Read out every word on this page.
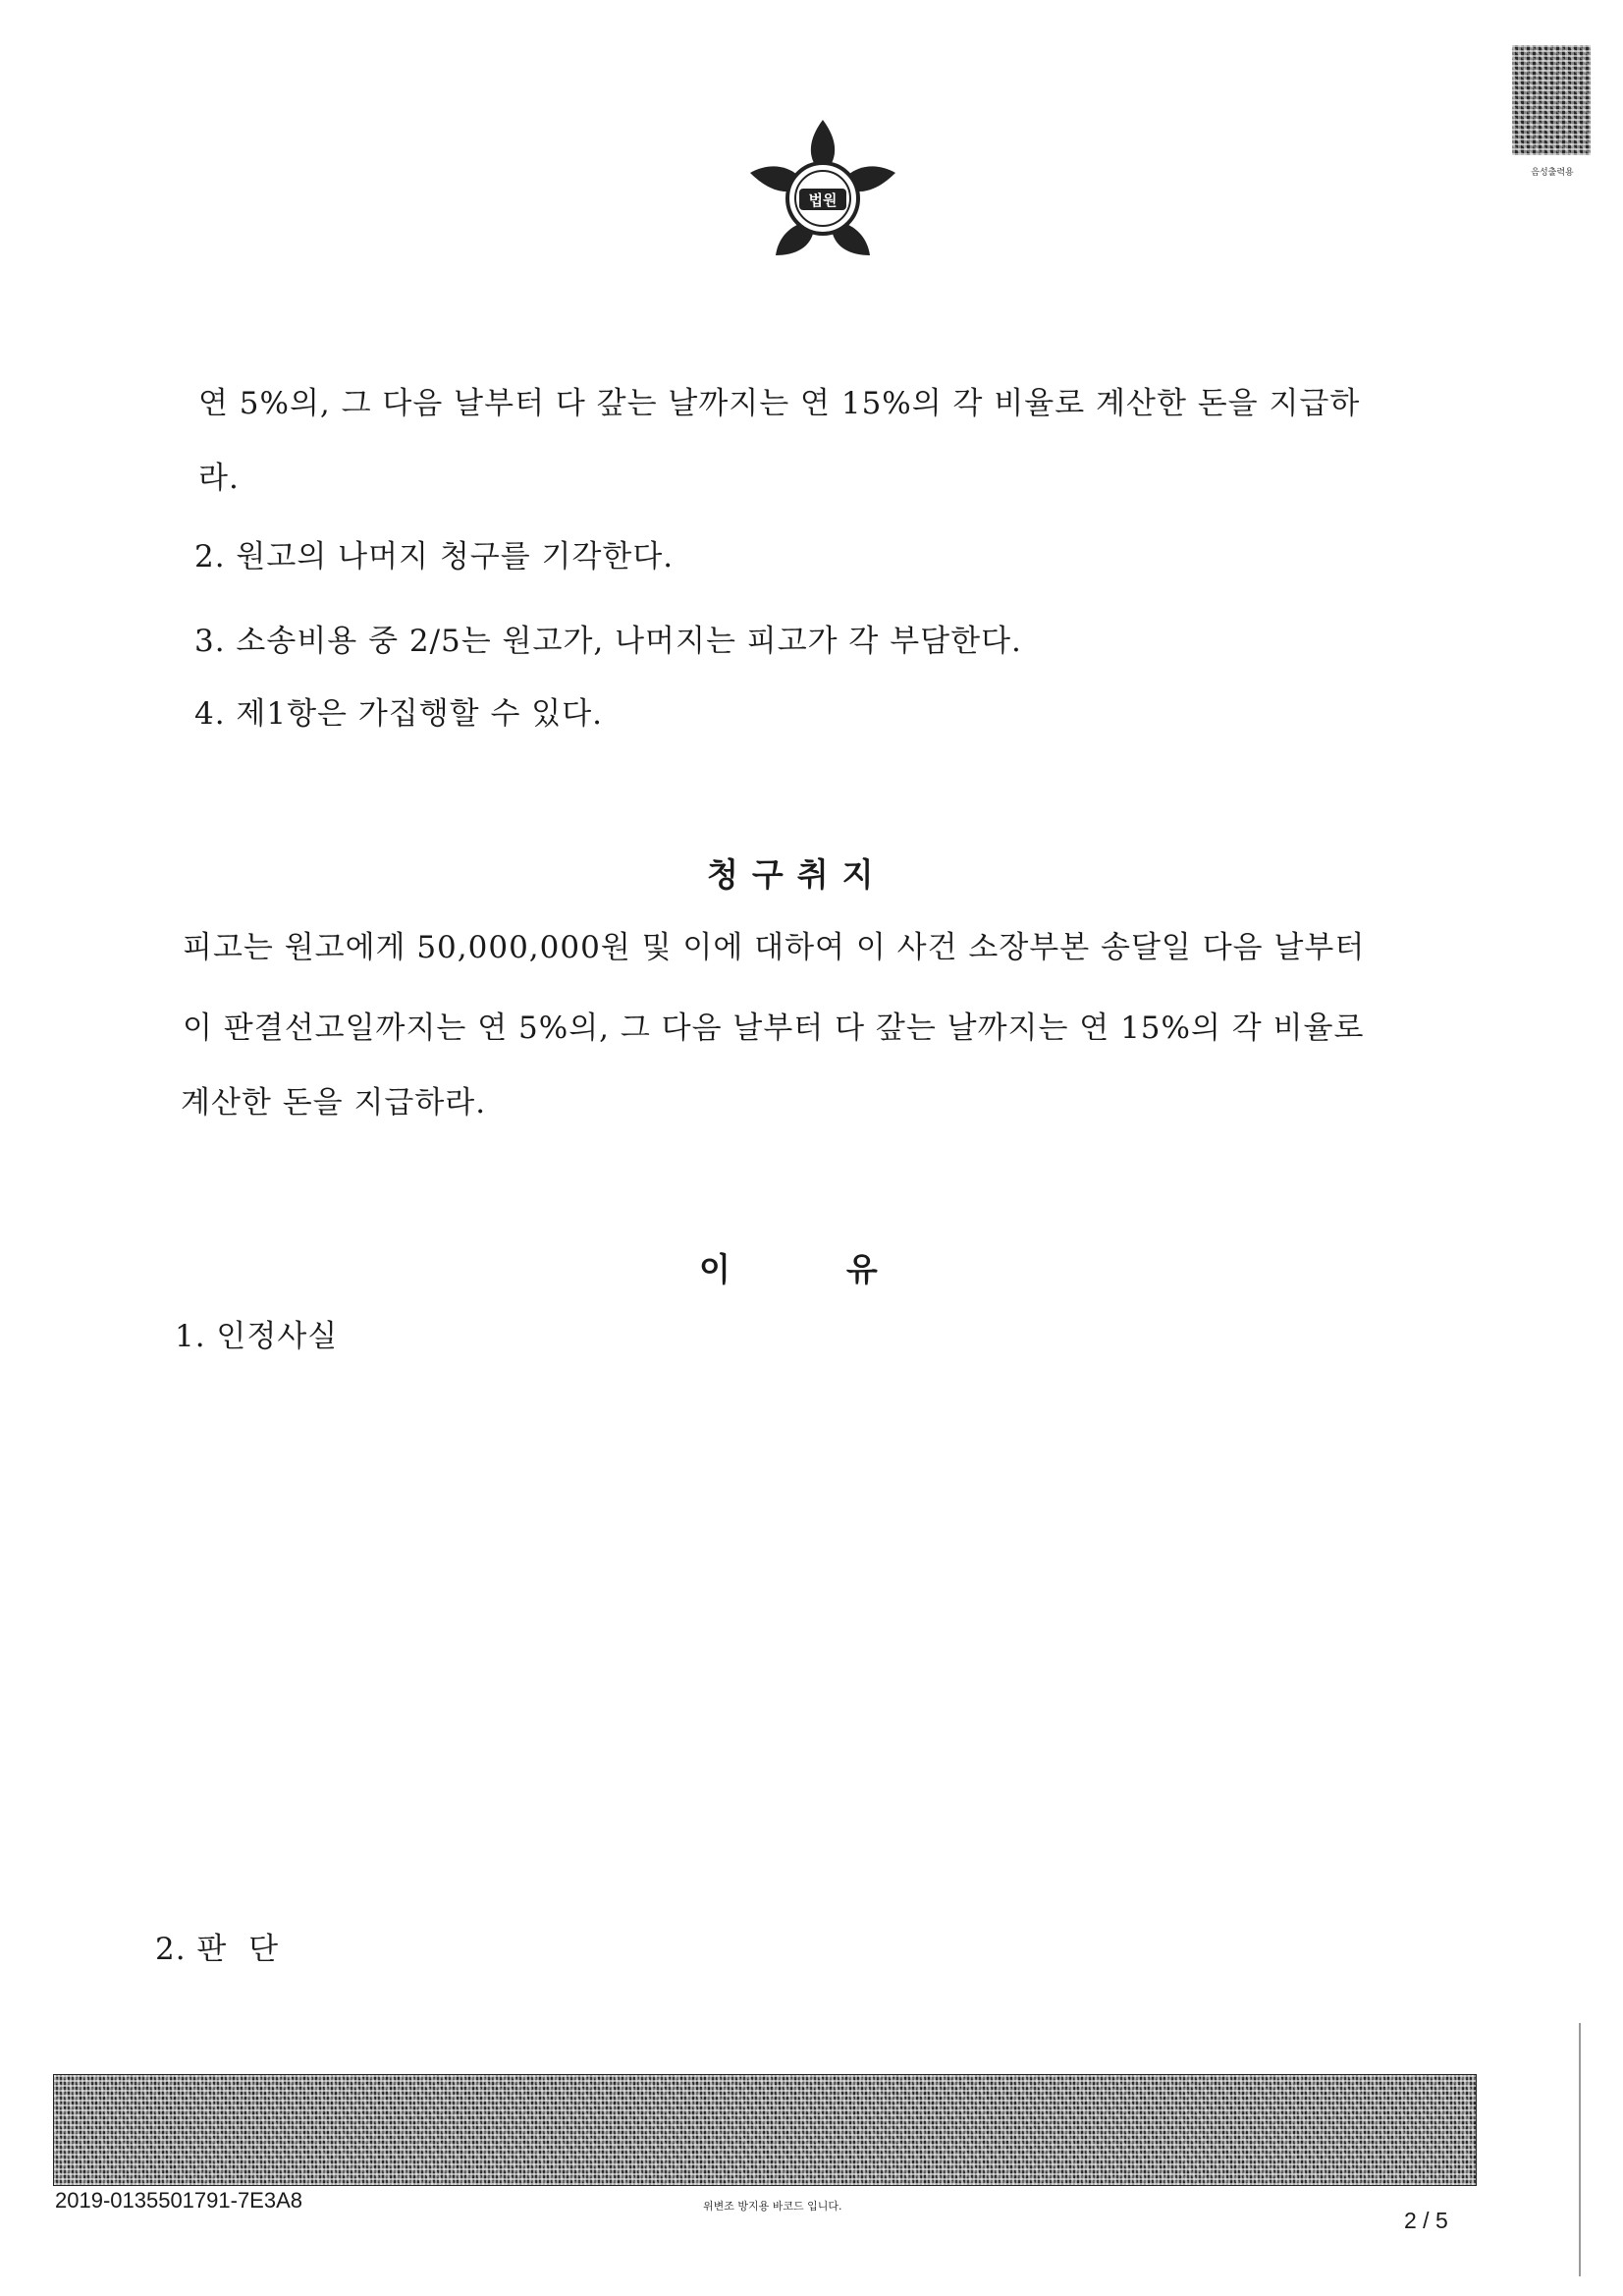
법원
음성출력용
연 5%의, 그 다음 날부터 다 갚는 날까지는 연 15%의 각 비율로 계산한 돈을 지급하
라.
2. 원고의 나머지 청구를 기각한다.
3. 소송비용 중 2/5는 원고가, 나머지는 피고가 각 부담한다.
4. 제1항은 가집행할 수 있다.
청구취지
피고는 원고에게 50,000,000원 및 이에 대하여 이 사건 소장부본 송달일 다음 날부터
이 판결선고일까지는 연 5%의, 그 다음 날부터 다 갚는 날까지는 연 15%의 각 비율로
계산한 돈을 지급하라.
이	유
1. 인정사실
2. 판  단
2019-0135501791-7E3A8	위변조 방지용 바코드 입니다.
2 / 5
